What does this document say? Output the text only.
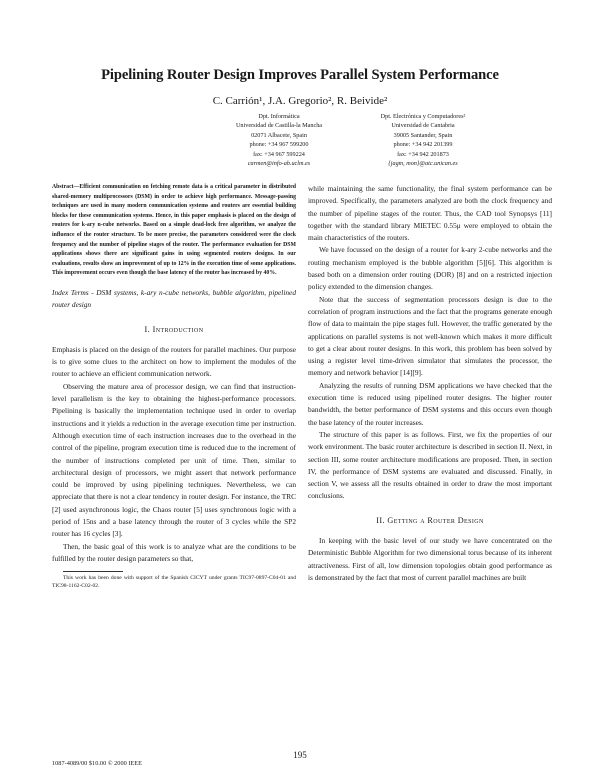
Pipelining Router Design Improves Parallel System Performance
C. Carrión¹, J.A. Gregorio², R. Beivide²
Dpt. Informática
Universidad de Castilla-la Mancha
02071 Albacete, Spain
phone: +34 967 599200
fax: +34 967 599224
carmen@info-ab.uclm.es
Dpt. Electrónica y Computadores²
Universidad de Cantabria
39005 Santander, Spain
phone: +34 942 201399
fax: +34 942 201873
{jagm, mon}@atc.unican.es

Abstract—Efficient communication on fetching remote data is a critical parameter in distributed shared-memory multiprocessors (DSM) in order to achieve high performance. Message-passing techniques are used in many modern communication systems and routers are essential building blocks for these communication systems. Hence, in this paper emphasis is placed on the design of routers for k-ary n-cube networks. Based on a simple dead-lock free algorithm, we analyze the influence of the router structure. To be more precise, the parameters considered were the clock frequency and the number of pipeline stages of the router. The performance evaluation for DSM applications shows there are significant gains in using segmented routers designs. In our evaluations, results show an improvement of up to 12% in the execution time of some applications. This improvement occurs even though the base latency of the router has increased by 40%.

Index Terms - DSM systems, k-ary n-cube networks, bubble algorithm, pipelined router design

I. Introduction

Emphasis is placed on the design of the routers for parallel machines. Our purpose is to give some clues to the architect on how to implement the modules of the router to achieve an efficient communication network.

Observing the mature area of processor design, we can find that instruction-level parallelism is the key to obtaining the highest-performance processors. Pipelining is basically the implementation technique used in order to overlap instructions and it yields a reduction in the average execution time per instruction. Although execution time of each instruction increases due to the overhead in the control of the pipeline, program execution time is reduced due to the increment of the number of instructions completed per unit of time. Then, similar to architectural design of processors, we might assert that network performance could be improved by using pipelining techniques. Nevertheless, we can appreciate that there is not a clear tendency in router design. For instance, the TRC [2] used asynchronous logic, the Chaos router [5] uses synchronous logic with a period of 15ns and a base latency through the router of 3 cycles while the SP2 router has 16 cycles [3].

Then, the basic goal of this work is to analyze what are the conditions to be fulfilled by the router design parameters so that,

This work has been done with support of the Spanish CICYT under grants TIC97-0897-C04-01 and TIC98-1162-C02-02.

while maintaining the same functionality, the final system performance can be improved. Specifically, the parameters analyzed are both the clock frequency and the number of pipeline stages of the router. Thus, the CAD tool Synopsys [11] together with the standard library MIETEC 0.55μ were employed to obtain the main characteristics of the routers.

We have focussed on the design of a router for k-ary 2-cube networks and the routing mechanism employed is the bubble algorithm [5][6]. This algorithm is based both on a dimension order routing (DOR) [8] and on a restricted injection policy extended to the dimension changes.

Note that the success of segmentation processors design is due to the correlation of program instructions and the fact that the programs generate enough flow of data to maintain the pipe stages full. However, the traffic generated by the applications on parallel systems is not well-known which makes it more difficult to get a clear about router designs. In this work, this problem has been solved by using a register level time-driven simulator that simulates the processor, the memory and network behavior [14][9].

Analyzing the results of running DSM applications we have checked that the execution time is reduced using pipelined router designs. The higher router bandwidth, the better performance of DSM systems and this occurs even though the base latency of the router increases.

The structure of this paper is as follows. First, we fix the properties of our work environment. The basic router architecture is described in section II. Next, in section III, some router architecture modifications are proposed. Then, in section IV, the performance of DSM systems are evaluated and discussed. Finally, in section V, we assess all the results obtained in order to draw the most important conclusions.

II. Getting a Router Design

In keeping with the basic level of our study we have concentrated on the Deterministic Bubble Algorithm for two dimensional torus because of its inherent attractiveness. First of all, low dimension topologies obtain good performance as is demonstrated by the fact that most of current parallel machines are built

195
1087-4089/00 $10.00 © 2000 IEEE
